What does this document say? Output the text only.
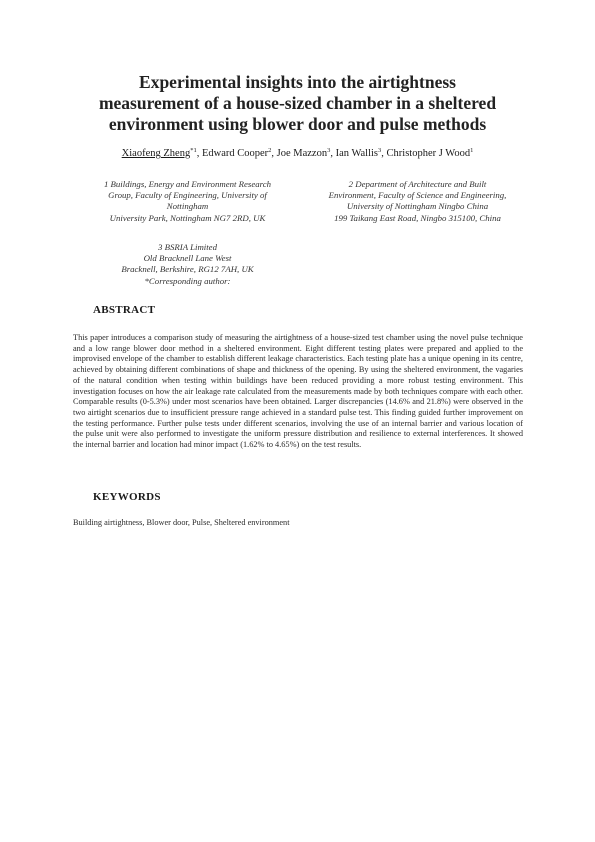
Experimental insights into the airtightness
measurement of a house-sized chamber in a sheltered
environment using blower door and pulse methods
Xiaofeng Zheng$^{*1}$, Edward Cooper$^2$, Joe Mazzon$^3$, Ian Wallis$^3$, Christopher J Wood$^1$
1 Buildings, Energy and Environment Research
Group, Faculty of Engineering, University of
Nottingham
University Park, Nottingham NG7 2RD, UK
2 Department of Architecture and Built
Environment, Faculty of Science and Engineering,
University of Nottingham Ningbo China
199 Taikang East Road, Ningbo 315100, China
3 BSRIA Limited
Old Bracknell Lane West
Bracknell, Berkshire, RG12 7AH, UK
*Corresponding author:
ABSTRACT

This paper introduces a comparison study of measuring the airtightness of a house-sized test chamber using the novel pulse technique and a low range blower door method in a sheltered environment. Eight different testing plates were prepared and applied to the improvised envelope of the chamber to establish different leakage characteristics. Each testing plate has a unique opening in its centre, achieved by obtaining different combinations of shape and thickness of the opening. By using the sheltered environment, the vagaries of the natural condition when testing within buildings have been reduced providing a more robust testing environment. This investigation focuses on how the air leakage rate calculated from the measurements made by both techniques compare with each other. Comparable results (0-5.3%) under most scenarios have been obtained. Larger discrepancies (14.6% and 21.8%) were observed in the two airtight scenarios due to insufficient pressure range achieved in a standard pulse test. This finding guided further improvement on the testing performance. Further pulse tests under different scenarios, involving the use of an internal barrier and various location of the pulse unit were also performed to investigate the uniform pressure distribution and resilience to external interferences. It showed the internal barrier and location had minor impact (1.62% to 4.65%) on the test results.

KEYWORDS

Building airtightness, Blower door, Pulse, Sheltered environment
